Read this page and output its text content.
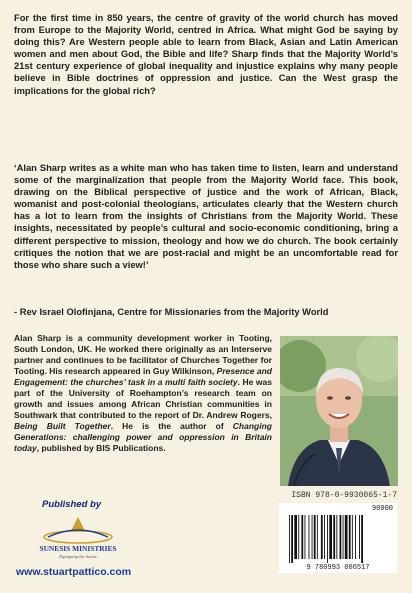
For the first time in 850 years, the centre of gravity of the world church has moved from Europe to the Majority World, centred in Africa. What might God be saying by doing this? Are Western people able to learn from Black, Asian and Latin American women and men about God, the Bible and life? Sharp finds that the Majority World’s 21st century experience of global inequality and injustice explains why many people believe in Bible doctrines of oppression and justice. Can the West grasp the implications for the global rich?

‘Alan Sharp writes as a white man who has taken time to listen, learn and understand some of the marginalization that people from the Majority World face. This book, drawing on the Biblical perspective of justice and the work of African, Black, womanist and post-colonial theologians, articulates clearly that the Western church has a lot to learn from the insights of Christians from the Majority World. These insights, necessitated by people’s cultural and socio-economic conditioning, bring a different perspective to mission, theology and how we do church. The book certainly critiques the notion that we are post-racial and might be an uncomfortable read for those who share such a view!’

- Rev Israel Olofinjana, Centre for Missionaries from the Majority World

Alan Sharp is a community development worker in Tooting, South London, UK. He worked there originally as an Interserve partner and continues to be facilitator of Churches Together for Tooting. His research appeared in Guy Wilkinson, Presence and Engagement: the churches’ task in a multi faith society. He was part of the University of Roehampton’s research team on growth and issues among African Christian communities in Southwark that contributed to the report of Dr. Andrew Rogers, Being Built Together. He is the author of Changing Generations: challenging power and oppression in Britain today, published by BIS Publications.

Published by
SUNESIS MINISTRIES
Equipping the Saints
www.stuartpattico.com
ISBN 978-0-9930065-1-7
90000
9 780993 006517
